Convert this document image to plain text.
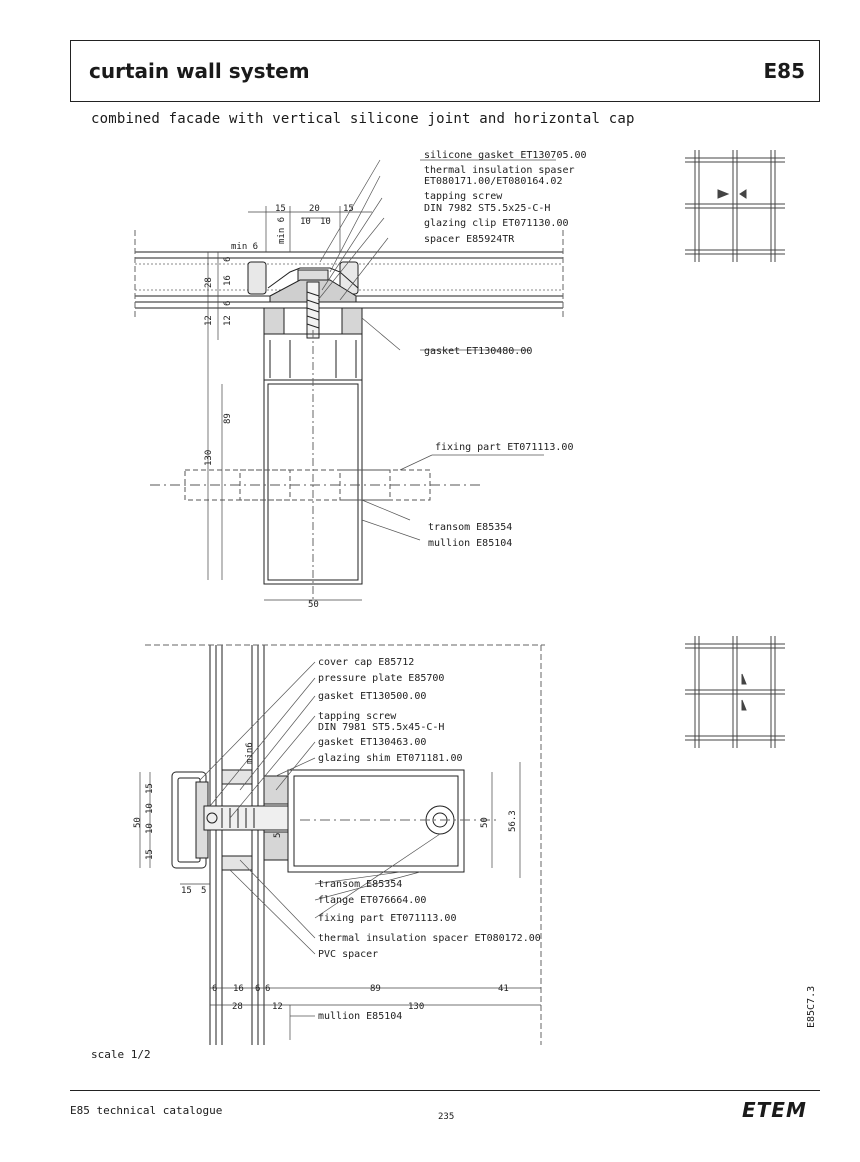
curtain wall system	E85
combined facade with vertical silicone joint and horizontal cap
silicone gasket ET130705.00
thermal insulation spaser
ET080171.00/ET080164.02
tapping screw
DIN 7982 ST5.5x25-C-H
glazing clip ET071130.00
spacer E85924TR
gasket ET130480.00
fixing part ET071113.00
transom E85354
mullion E85104
15	20	15
10 10
min 6
min 6
28
6
16
6
12 12
89
130
50
cover cap E85712
pressure plate E85700
gasket ET130500.00
tapping screw
DIN 7981 ST5.5x45-C-H
gasket ET130463.00
glazing shim ET071181.00
transom E85354
flange ET076664.00
fixing part ET071113.00
thermal insulation spacer ET080172.00
PVC spacer
mullion E85104
15
10
10
15
50
15 5
min6
5
50 56.3
6 16 6 6
28	12
89	41
130
scale 1/2
E85C7.3
E85 technical catalogue	235	ETEM
